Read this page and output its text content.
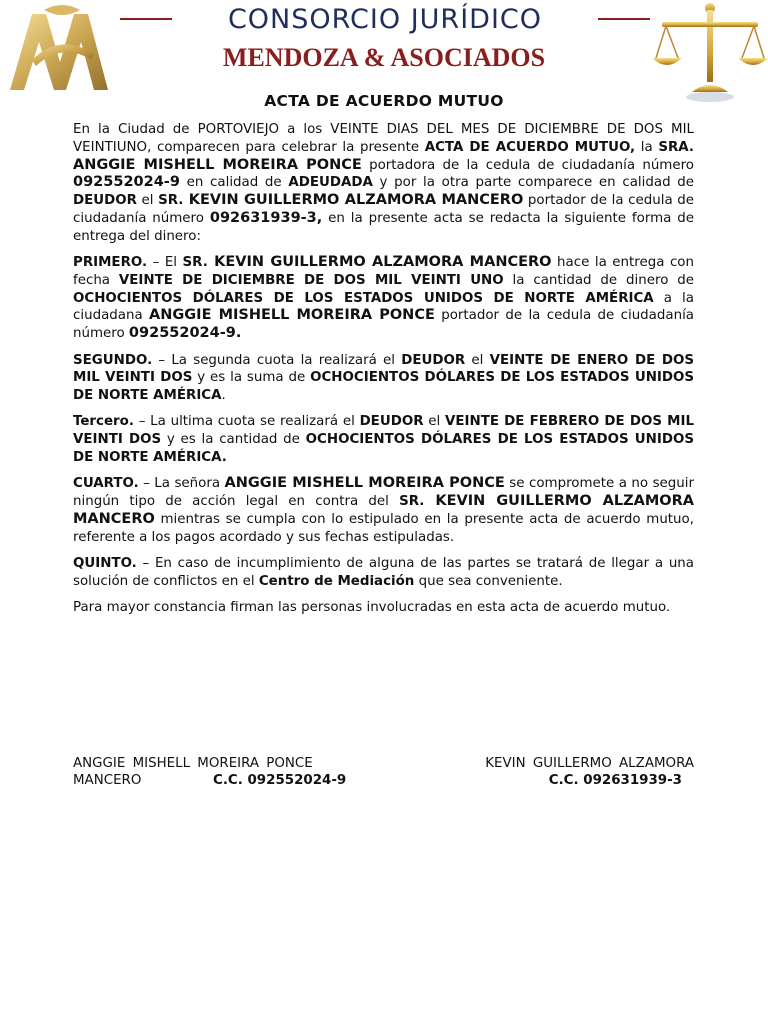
CONSORCIO JURÍDICO
MENDOZA & ASOCIADOS
ACTA DE ACUERDO MUTUO

En la Ciudad de PORTOVIEJO a los VEINTE DIAS DEL MES DE DICIEMBRE DE DOS MIL VEINTIUNO, comparecen para celebrar la presente ACTA DE ACUERDO MUTUO, la SRA. ANGGIE MISHELL MOREIRA PONCE portadora de la cedula de ciudadanía número 092552024-9 en calidad de ADEUDADA y por la otra parte comparece en calidad de DEUDOR el SR. KEVIN GUILLERMO ALZAMORA MANCERO portador de la cedula de ciudadanía número 092631939-3, en la presente acta se redacta la siguiente forma de entrega del dinero:

PRIMERO. – El SR. KEVIN GUILLERMO ALZAMORA MANCERO hace la entrega con fecha VEINTE DE DICIEMBRE DE DOS MIL VEINTI UNO la cantidad de dinero de OCHOCIENTOS DÓLARES DE LOS ESTADOS UNIDOS DE NORTE AMÉRICA a la ciudadana ANGGIE MISHELL MOREIRA PONCE portador de la cedula de ciudadanía número 092552024-9.

SEGUNDO. – La segunda cuota la realizará el DEUDOR el VEINTE DE ENERO DE DOS MIL VEINTI DOS y es la suma de OCHOCIENTOS DÓLARES DE LOS ESTADOS UNIDOS DE NORTE AMÉRICA.

Tercero. – La ultima cuota se realizará el DEUDOR el VEINTE DE FEBRERO DE DOS MIL VEINTI DOS y es la cantidad de OCHOCIENTOS DÓLARES DE LOS ESTADOS UNIDOS DE NORTE AMÉRICA.

CUARTO. – La señora ANGGIE MISHELL MOREIRA PONCE se compromete a no seguir ningún tipo de acción legal en contra del SR. KEVIN GUILLERMO ALZAMORA MANCERO mientras se cumpla con lo estipulado en la presente acta de acuerdo mutuo, referente a los pagos acordado y sus fechas estipuladas.

QUINTO. – En caso de incumplimiento de alguna de las partes se tratará de llegar a una solución de conflictos en el Centro de Mediación que sea conveniente.

Para mayor constancia firman las personas involucradas en esta acta de acuerdo mutuo.

ANGGIE MISHELL MOREIRA PONCE	KEVIN GUILLERMO ALZAMORA
MANCERO	C.C. 092552024-9	C.C. 092631939-3
